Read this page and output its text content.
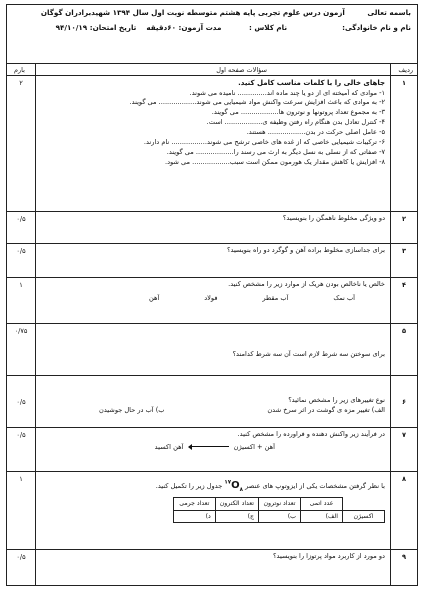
باسمه تعالی         آزمون درس علوم تجربی پایه هشتم متوسطه نوبت اول سال ۱۳۹۴ شهیدبرادران گوگان
نام و نام خانوادگی:                      نام کلاس :           مدت آزمون: ۶۰دقیقه    تاریخ امتحان: ۹۴/۱۰/۱۹
ردیف
سؤالات صفحه اول
بارم
۱
۲	جاهای خالی را با کلمات مناسب کامل کنید.
۱- موادی که آمیخته ای از دو یا چند ماده اند.............. نامیده می شوند.
۲- به موادی که باعث افزایش سرعت واکنش مواد شیمیایی می شوند.................. می گویند.
۳- به مجموع تعداد پروتونها و نوترون ها.................. می گویند.
۴- کنترل تعادل بدن هنگام راه رفتن وظیفه ی.................. است.
۵- عامل اصلی حرکت در بدن.................. هستند.
۶- ترکیبات شیمیایی خاصی که از غده های خاصی ترشح می شوند................. نام دارند.
۷- صفاتی که از نسلی به نسل دیگر به ارث می رسند را.................. می گویند.
۸- افزایش یا کاهش مقدار یک هورمون ممکن است سبب.................. می شود.
۲
۰/۵	دو ویژگی مخلوط ناهمگن را بنویسید؟
۳
۰/۵	برای جداسازی مخلوط براده آهن و گوگرد دو راه بنویسید؟
۴
۱	خالص یا ناخالص بودن هریک از موارد زیر را مشخص کنید.
آب نمک
آب مقطر
فولاد
آهن
۵
۰/۷۵
برای سوختن سه شرط لازم است آن سه شرط کدامند؟
۶
۰/۵	نوع تغییرهای زیر را مشخص نمائید؟
الف) تغییر مزه ی گوشت در اثر سرخ شدن
ب) آب در حال جوشیدن
۷
۰/۵	در فرآیند زیر واکنش دهنده و فراورده را مشخص کنید.
آهن + اکسیژن  آهن اکسید
۸
۱
با نظر گرفتن مشخصات یکی از ایزوتوپ های عنصر $^{۱۷}O_۸$ جدول زیر را تکمیل کنید.
	عدد اتمی	تعداد نوترون	تعداد الکترون	تعداد جرمی
اکسیژن	الف)	ب)	ج)	د)
۹
۰/۵	دو مورد از کاربرد مواد پرتوزا را بنویسید؟
